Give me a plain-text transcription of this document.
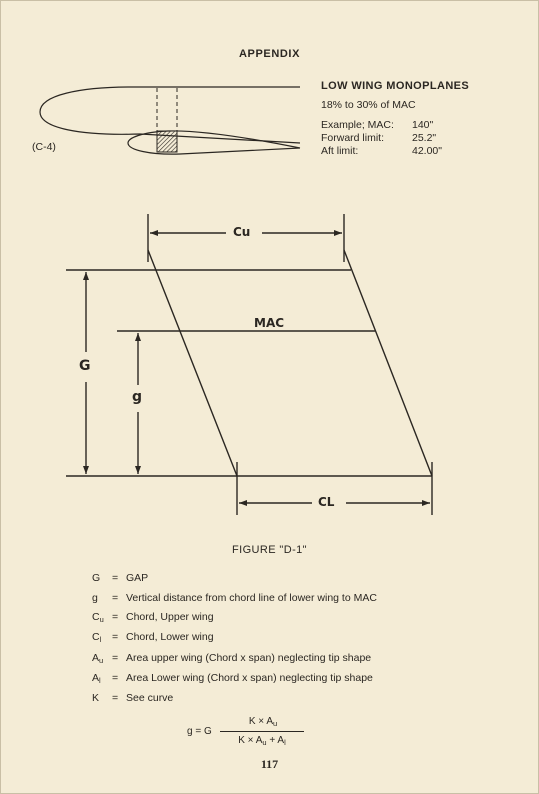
APPENDIX
(C-4)
LOW WING MONOPLANES
18% to 30% of MAC
Example; MAC: 140"
Forward limit:	25.2"
Aft limit:	42.00"
Cu
MAC
G
g
CL
FIGURE "D-1"
G = GAP
g = Vertical distance from chord line of lower wing to MAC
Cu = Chord, Upper wing
Cl = Chord, Lower wing
Au = Area upper wing (Chord x span) neglecting tip shape
Al = Area Lower wing (Chord x span) neglecting tip shape
K = See curve
g = G
$K \times A_u$
$K \times A_u + A_l$
117
